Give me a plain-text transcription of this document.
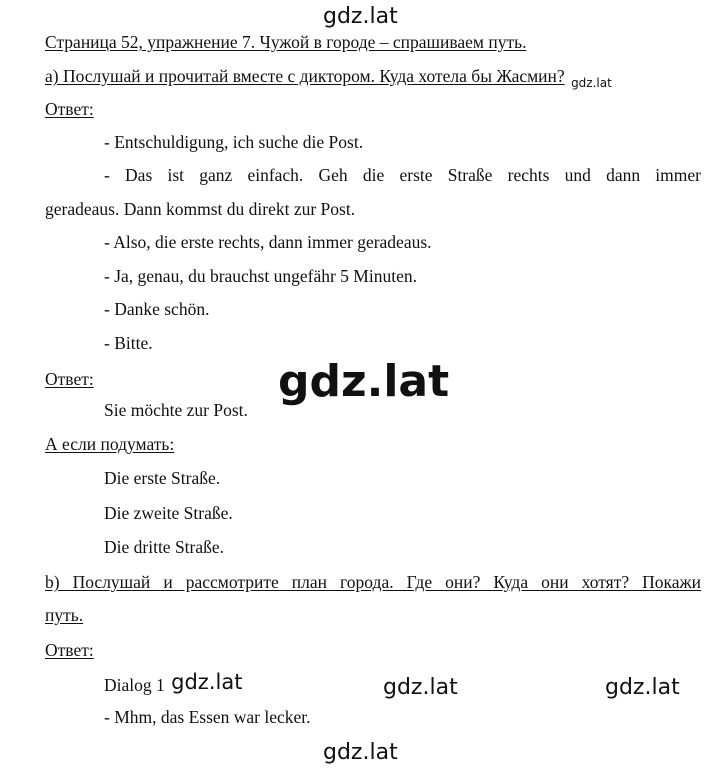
gdz.lat
Страница 52, упражнение 7. Чужой в городе – спрашиваем путь.
а) Послушай и прочитай вместе с диктором. Куда хотела бы Жасмин? $_{gdz.lat}$
Ответ:
- Entschuldigung, ich suche die Post.
- Das ist ganz einfach. Geh die erste Straße rechts und dann immer
geradeaus. Dann kommst du direkt zur Post.
- Also, die erste rechts, dann immer geradeaus.
- Ja, genau, du brauchst ungefähr 5 Minuten.
- Danke schön.
- Bitte.
Ответ:	gdz.lat
Sie möchte zur Post.
А если подумать:
Die erste Straße.
Die zweite Straße.
Die dritte Straße.
b) Послушай и рассмотрите план города. Где они? Куда они хотят? Покажи
путь.
Ответ:
Dialog 1 gdz.lat	gdz.lat	gdz.lat
- Mhm, das Essen war lecker.
gdz.lat
